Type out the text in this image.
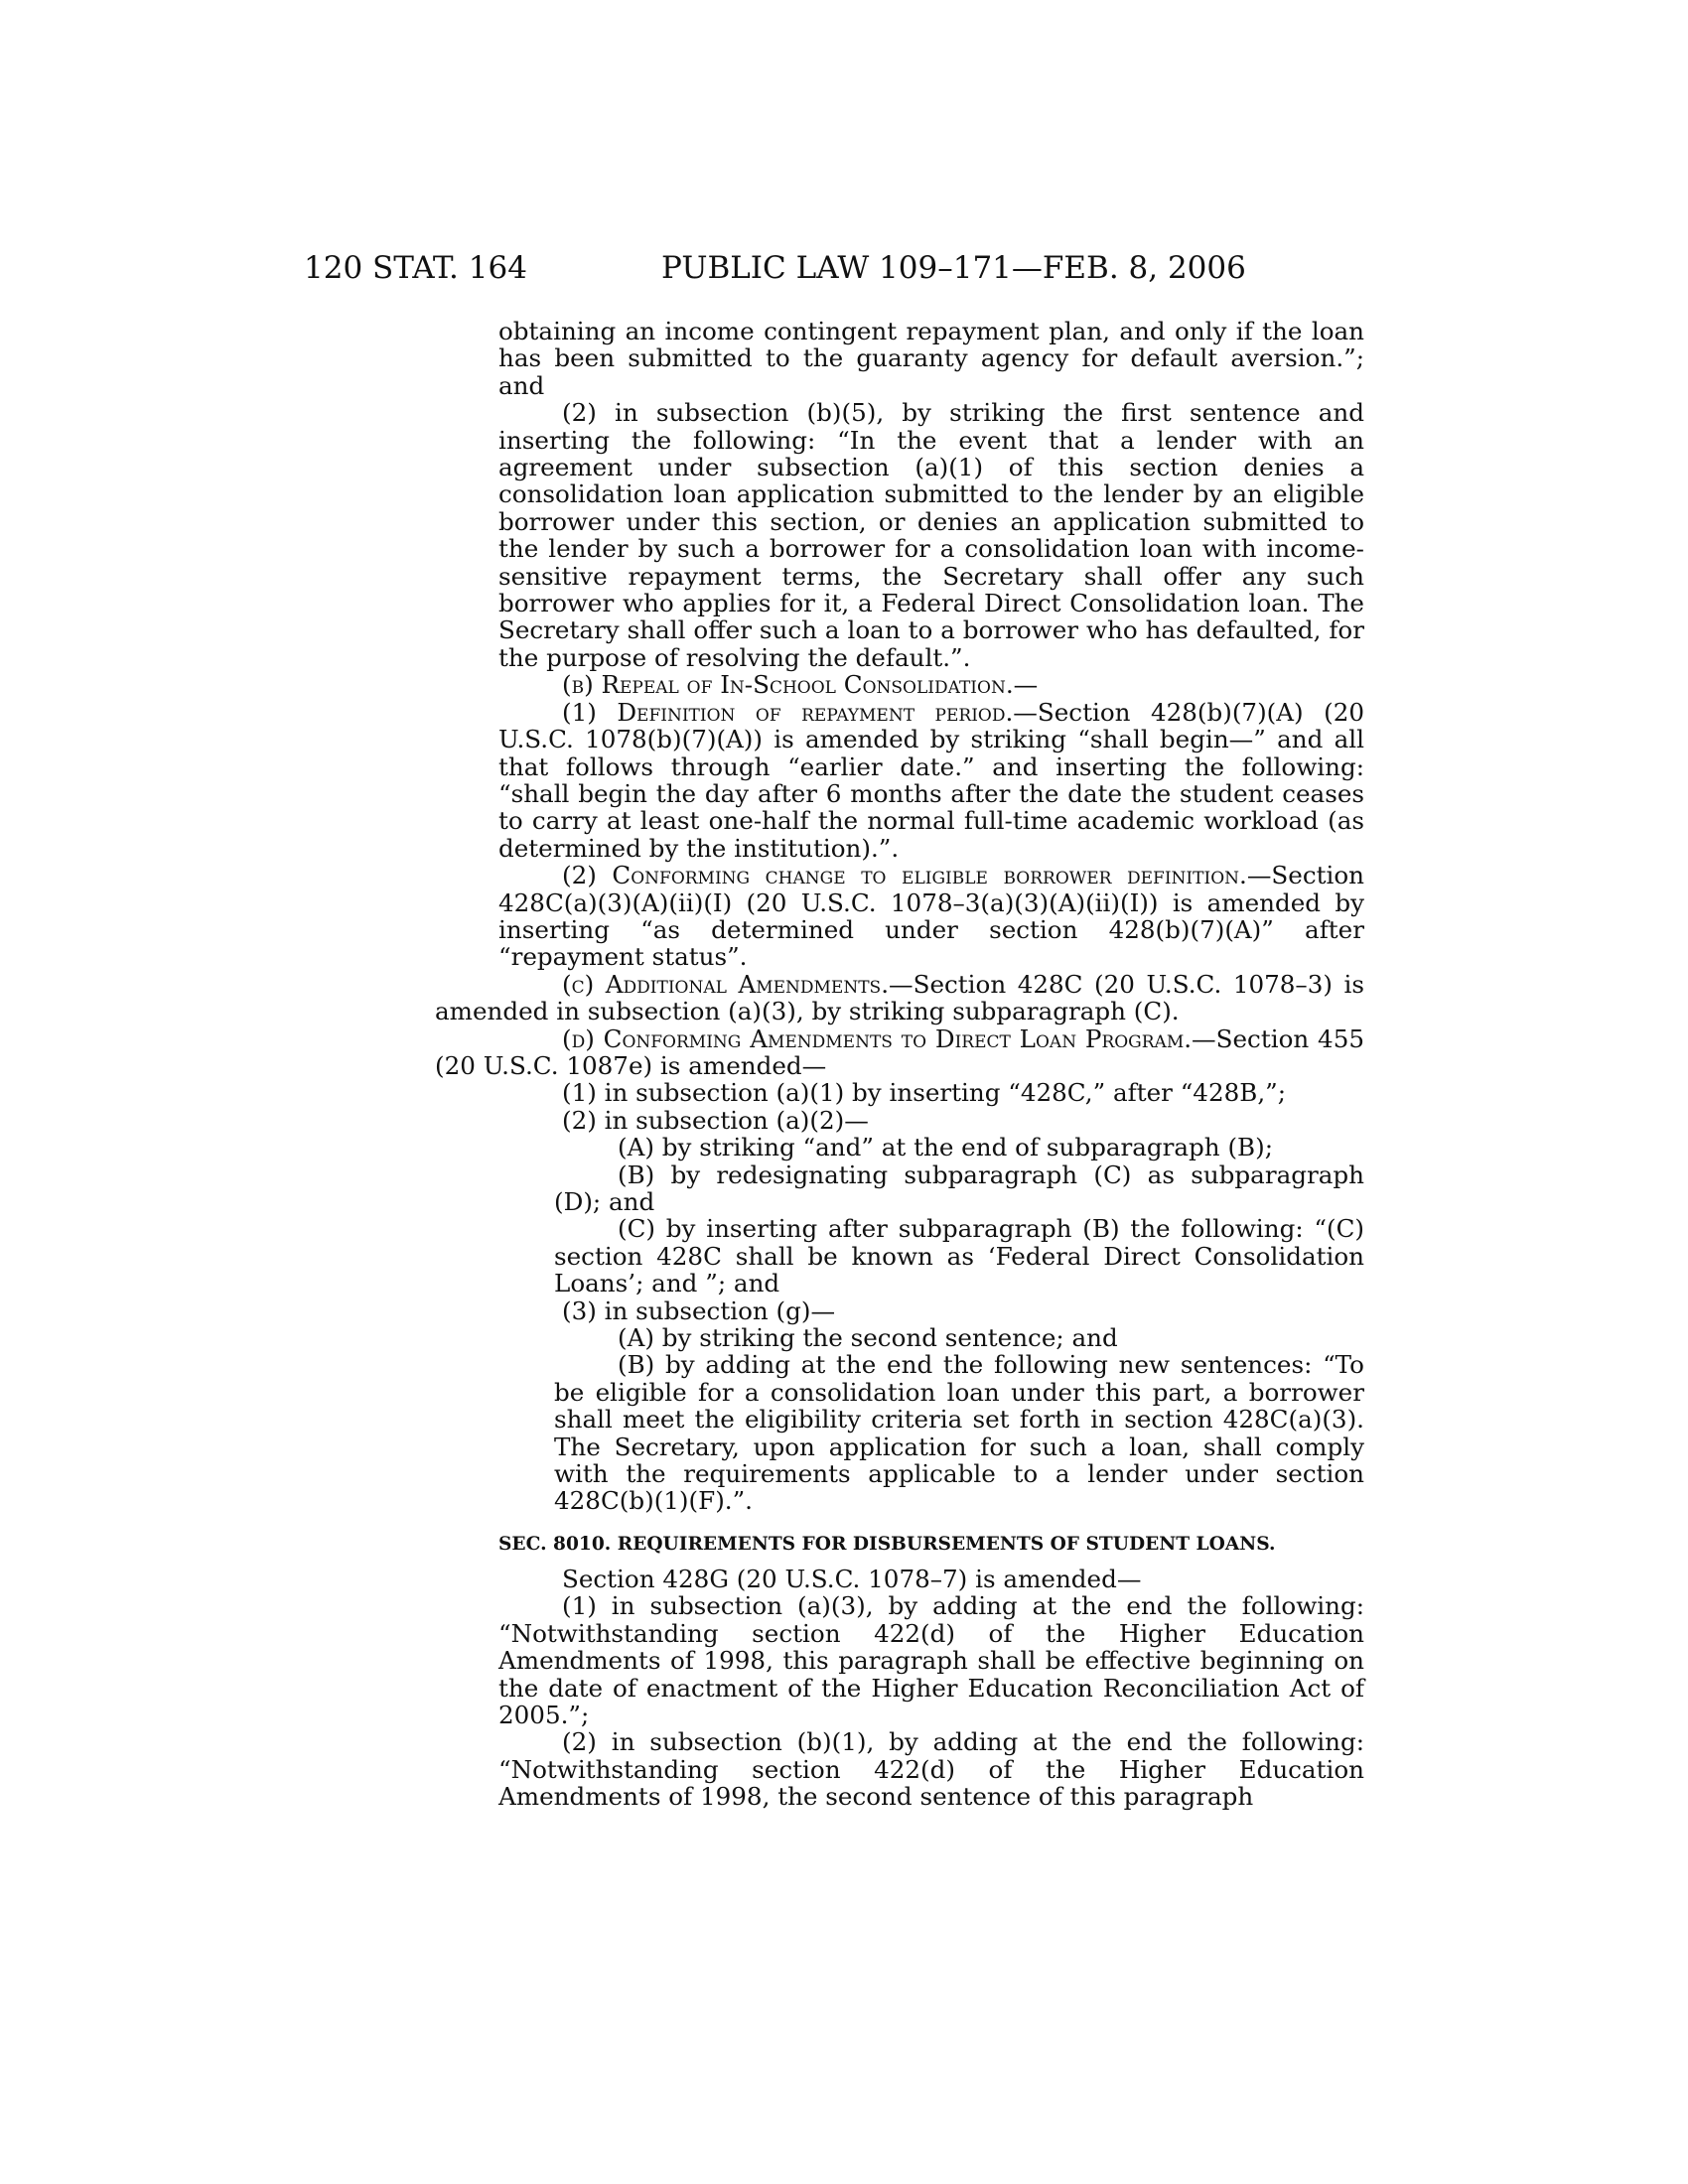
120 STAT. 164	PUBLIC LAW 109–171—FEB. 8, 2006

obtaining an income contingent repayment plan, and only if the loan has been submitted to the guaranty agency for default aversion.”; and

(2) in subsection (b)(5), by striking the first sentence and inserting the following: “In the event that a lender with an agreement under subsection (a)(1) of this section denies a consolidation loan application submitted to the lender by an eligible borrower under this section, or denies an application submitted to the lender by such a borrower for a consolidation loan with income-sensitive repayment terms, the Secretary shall offer any such borrower who applies for it, a Federal Direct Consolidation loan. The Secretary shall offer such a loan to a borrower who has defaulted, for the purpose of resolving the default.”.

(b) Repeal of In-School Consolidation.—

(1) Definition of repayment period.—Section 428(b)(7)(A) (20 U.S.C. 1078(b)(7)(A)) is amended by striking “shall begin—” and all that follows through “earlier date.” and inserting the following: “shall begin the day after 6 months after the date the student ceases to carry at least one-half the normal full-time academic workload (as determined by the institution).”.

(2) Conforming change to eligible borrower definition.—Section 428C(a)(3)(A)(ii)(I) (20 U.S.C. 1078–3(a)(3)(A)(ii)(I)) is amended by inserting “as determined under section 428(b)(7)(A)” after “repayment status”.

(c) Additional Amendments.—Section 428C (20 U.S.C. 1078–3) is amended in subsection (a)(3), by striking subparagraph (C).

(d) Conforming Amendments to Direct Loan Program.—Section 455 (20 U.S.C. 1087e) is amended—

(1) in subsection (a)(1) by inserting “428C,” after “428B,”;

(2) in subsection (a)(2)—

(A) by striking “and” at the end of subparagraph (B);

(B) by redesignating subparagraph (C) as subparagraph (D); and

(C) by inserting after subparagraph (B) the following: “(C) section 428C shall be known as ‘Federal Direct Consolidation Loans’; and ”; and

(3) in subsection (g)—

(A) by striking the second sentence; and

(B) by adding at the end the following new sentences: “To be eligible for a consolidation loan under this part, a borrower shall meet the eligibility criteria set forth in section 428C(a)(3). The Secretary, upon application for such a loan, shall comply with the requirements applicable to a lender under section 428C(b)(1)(F).”.

SEC. 8010. REQUIREMENTS FOR DISBURSEMENTS OF STUDENT LOANS.

Section 428G (20 U.S.C. 1078–7) is amended—

(1) in subsection (a)(3), by adding at the end the following: “Notwithstanding section 422(d) of the Higher Education Amendments of 1998, this paragraph shall be effective beginning on the date of enactment of the Higher Education Reconciliation Act of 2005.”;

(2) in subsection (b)(1), by adding at the end the following: “Notwithstanding section 422(d) of the Higher Education Amendments of 1998, the second sentence of this paragraph
